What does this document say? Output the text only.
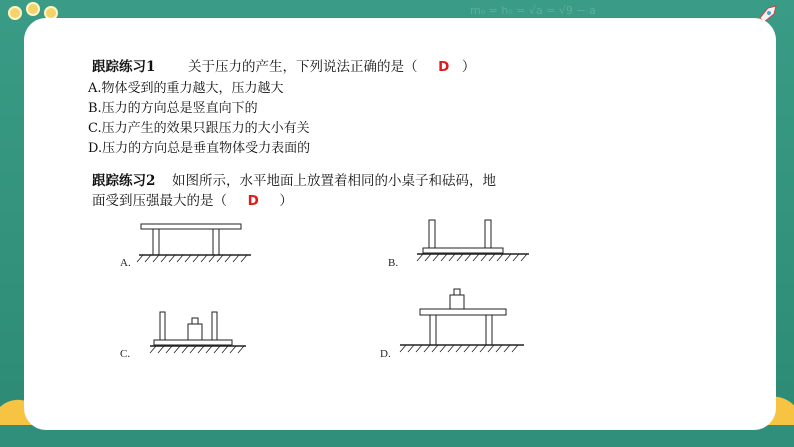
m₀ = h₀ = √a = √9 − a
跟踪练习1 关于压力的产生，下列说法正确的是（ D ）
A.物体受到的重力越大，压力越大
B.压力的方向总是竖直向下的
C.压力产生的效果只跟压力的大小有关
D.压力的方向总是垂直物体受力表面的
跟踪练习2 如图所示，水平地面上放置着相同的小桌子和砝码，地
面受到压强最大的是（ D ）
A.	B.
C.	D.
